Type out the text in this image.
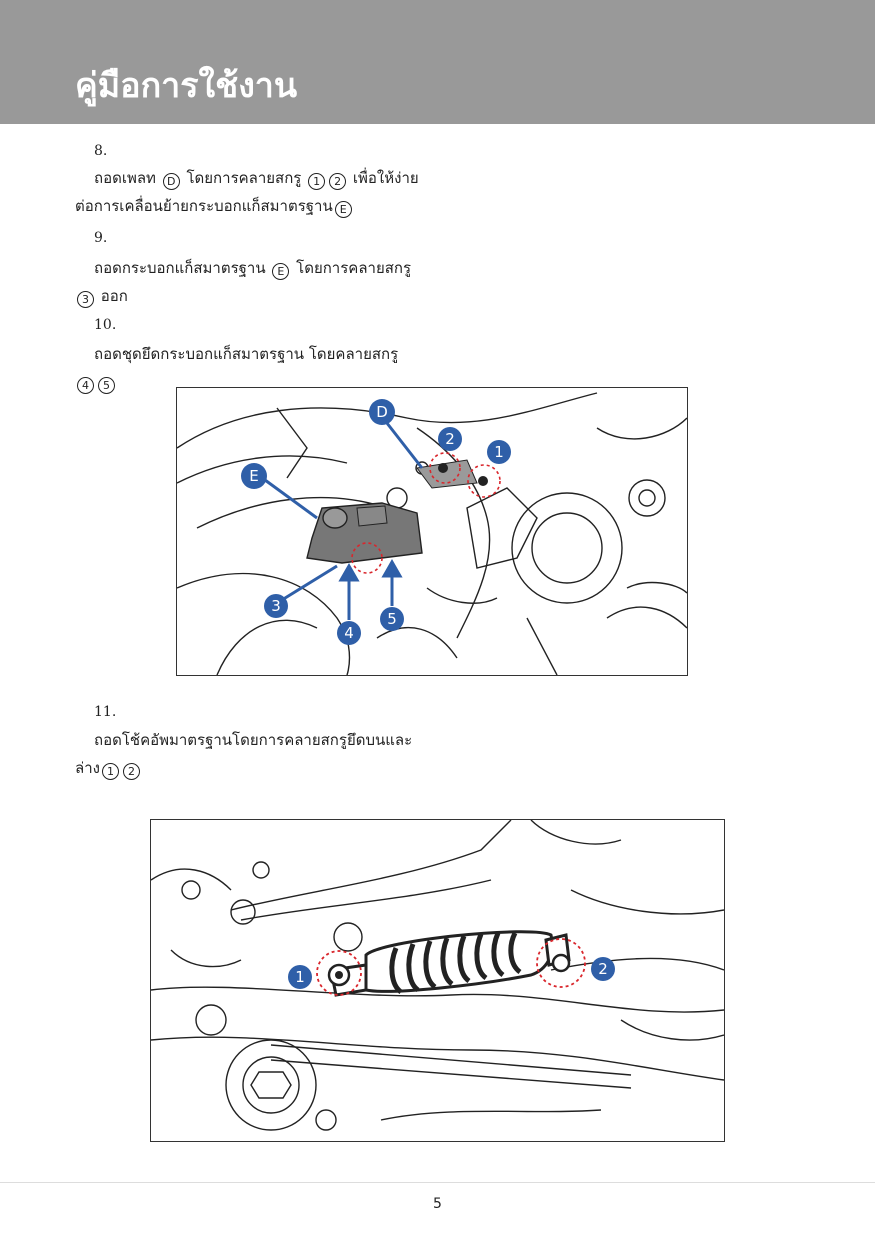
คู่มือการใช้งาน
8.
ถอดเพลท D โดยการคลายสกรู 1 2 เพื่อให้ง่าย
ต่อการเคลื่อนย้ายกระบอกแก็สมาตรฐาน E
9.
ถอดกระบอกแก็สมาตรฐาน E โดยการคลายสกรู
3 ออก
10.
ถอดชุดยึดกระบอกแก็สมาตรฐาน โดยคลายสกรู
4 5
D
2
1
E
3
4
5
11.
ถอดโช้คอัพมาตรฐานโดยการคลายสกรูยึดบนและ
ล่าง 1 2
1	2
5
